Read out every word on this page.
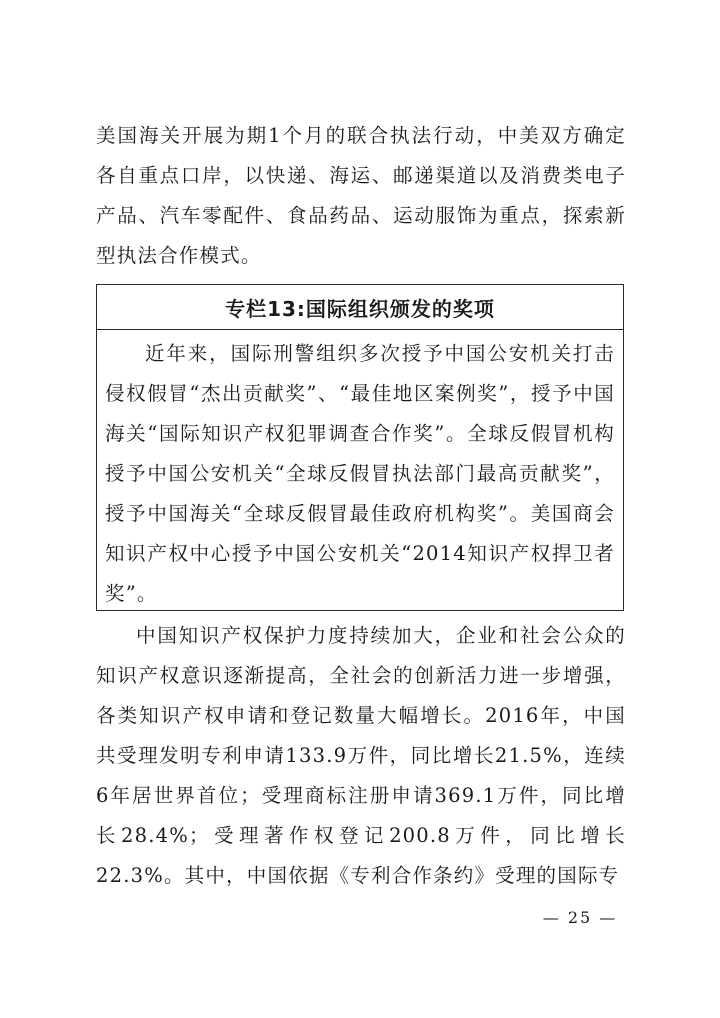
美国海关开展为期1个月的联合执法行动，中美双方确定各自重点口岸，以快递、海运、邮递渠道以及消费类电子产品、汽车零配件、食品药品、运动服饰为重点，探索新型执法合作模式。

专栏13:国际组织颁发的奖项

近年来，国际刑警组织多次授予中国公安机关打击侵权假冒“杰出贡献奖”、“最佳地区案例奖”，授予中国海关“国际知识产权犯罪调查合作奖”。全球反假冒机构授予中国公安机关“全球反假冒执法部门最高贡献奖”，授予中国海关“全球反假冒最佳政府机构奖”。美国商会知识产权中心授予中国公安机关“2014知识产权捍卫者奖”。

中国知识产权保护力度持续加大，企业和社会公众的知识产权意识逐渐提高，全社会的创新活力进一步增强，各类知识产权申请和登记数量大幅增长。2016年，中国共受理发明专利申请133.9万件，同比增长21.5%，连续6年居世界首位；受理商标注册申请369.1万件，同比增长28.4%；受理著作权登记200.8万件，同比增长22.3%。其中，中国依据《专利合作条约》受理的国际专

— 25 —
